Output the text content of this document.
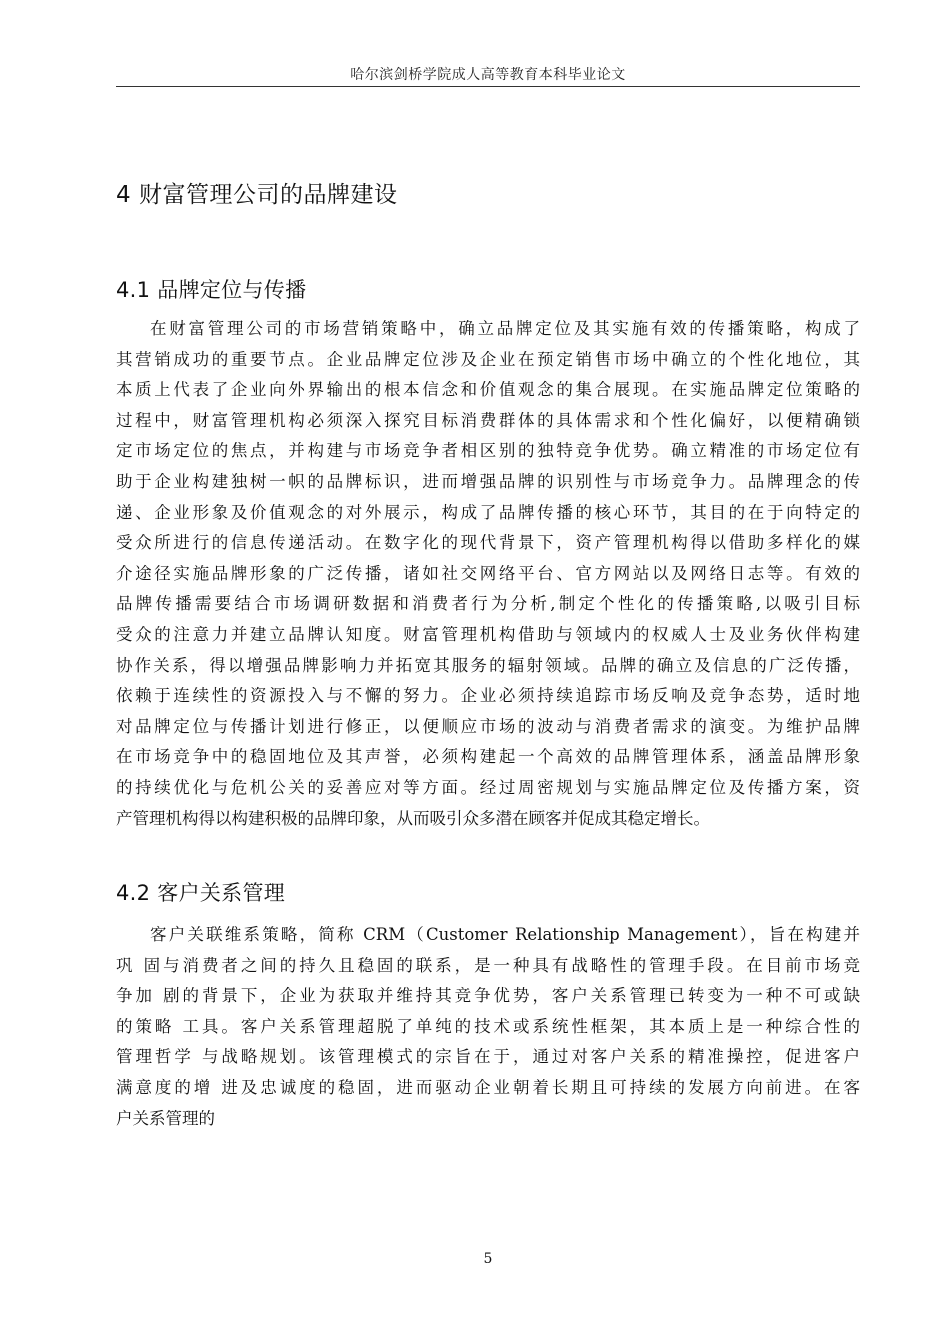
哈尔滨剑桥学院成人高等教育本科毕业论文
4 财富管理公司的品牌建设
4.1 品牌定位与传播
在财富管理公司的市场营销策略中，确立品牌定位及其实施有效的传播策略，构成了
其营销成功的重要节点。企业品牌定位涉及企业在预定销售市场中确立的个性化地位，其
本质上代表了企业向外界输出的根本信念和价值观念的集合展现。在实施品牌定位策略的
过程中，财富管理机构必须深入探究目标消费群体的具体需求和个性化偏好，以便精确锁
定市场定位的焦点，并构建与市场竞争者相区别的独特竞争优势。确立精准的市场定位有
助于企业构建独树一帜的品牌标识，进而增强品牌的识别性与市场竞争力。品牌理念的传
递、企业形象及价值观念的对外展示，构成了品牌传播的核心环节，其目的在于向特定的
受众所进行的信息传递活动。在数字化的现代背景下，资产管理机构得以借助多样化的媒
介途径实施品牌形象的广泛传播，诸如社交网络平台、官方网站以及网络日志等。有效的
品牌传播需要结合市场调研数据和消费者行为分析,制定个性化的传播策略,以吸引目标
受众的注意力并建立品牌认知度。财富管理机构借助与领域内的权威人士及业务伙伴构建
协作关系，得以增强品牌影响力并拓宽其服务的辐射领域。品牌的确立及信息的广泛传播，
依赖于连续性的资源投入与不懈的努力。企业必须持续追踪市场反响及竞争态势，适时地
对品牌定位与传播计划进行修正，以便顺应市场的波动与消费者需求的演变。为维护品牌
在市场竞争中的稳固地位及其声誉，必须构建起一个高效的品牌管理体系，涵盖品牌形象
的持续优化与危机公关的妥善应对等方面。经过周密规划与实施品牌定位及传播方案，资
产管理机构得以构建积极的品牌印象，从而吸引众多潜在顾客并促成其稳定增长。
4.2 客户关系管理
客户关联维系策略，简称 CRM（Customer Relationship Management），旨在构建并
巩 固与消费者之间的持久且稳固的联系，是一种具有战略性的管理手段。在目前市场竞
争加 剧的背景下，企业为获取并维持其竞争优势，客户关系管理已转变为一种不可或缺
的策略 工具。客户关系管理超脱了单纯的技术或系统性框架，其本质上是一种综合性的
管理哲学 与战略规划。该管理模式的宗旨在于，通过对客户关系的精准操控，促进客户
满意度的增 进及忠诚度的稳固，进而驱动企业朝着长期且可持续的发展方向前进。在客
户关系管理的
5
